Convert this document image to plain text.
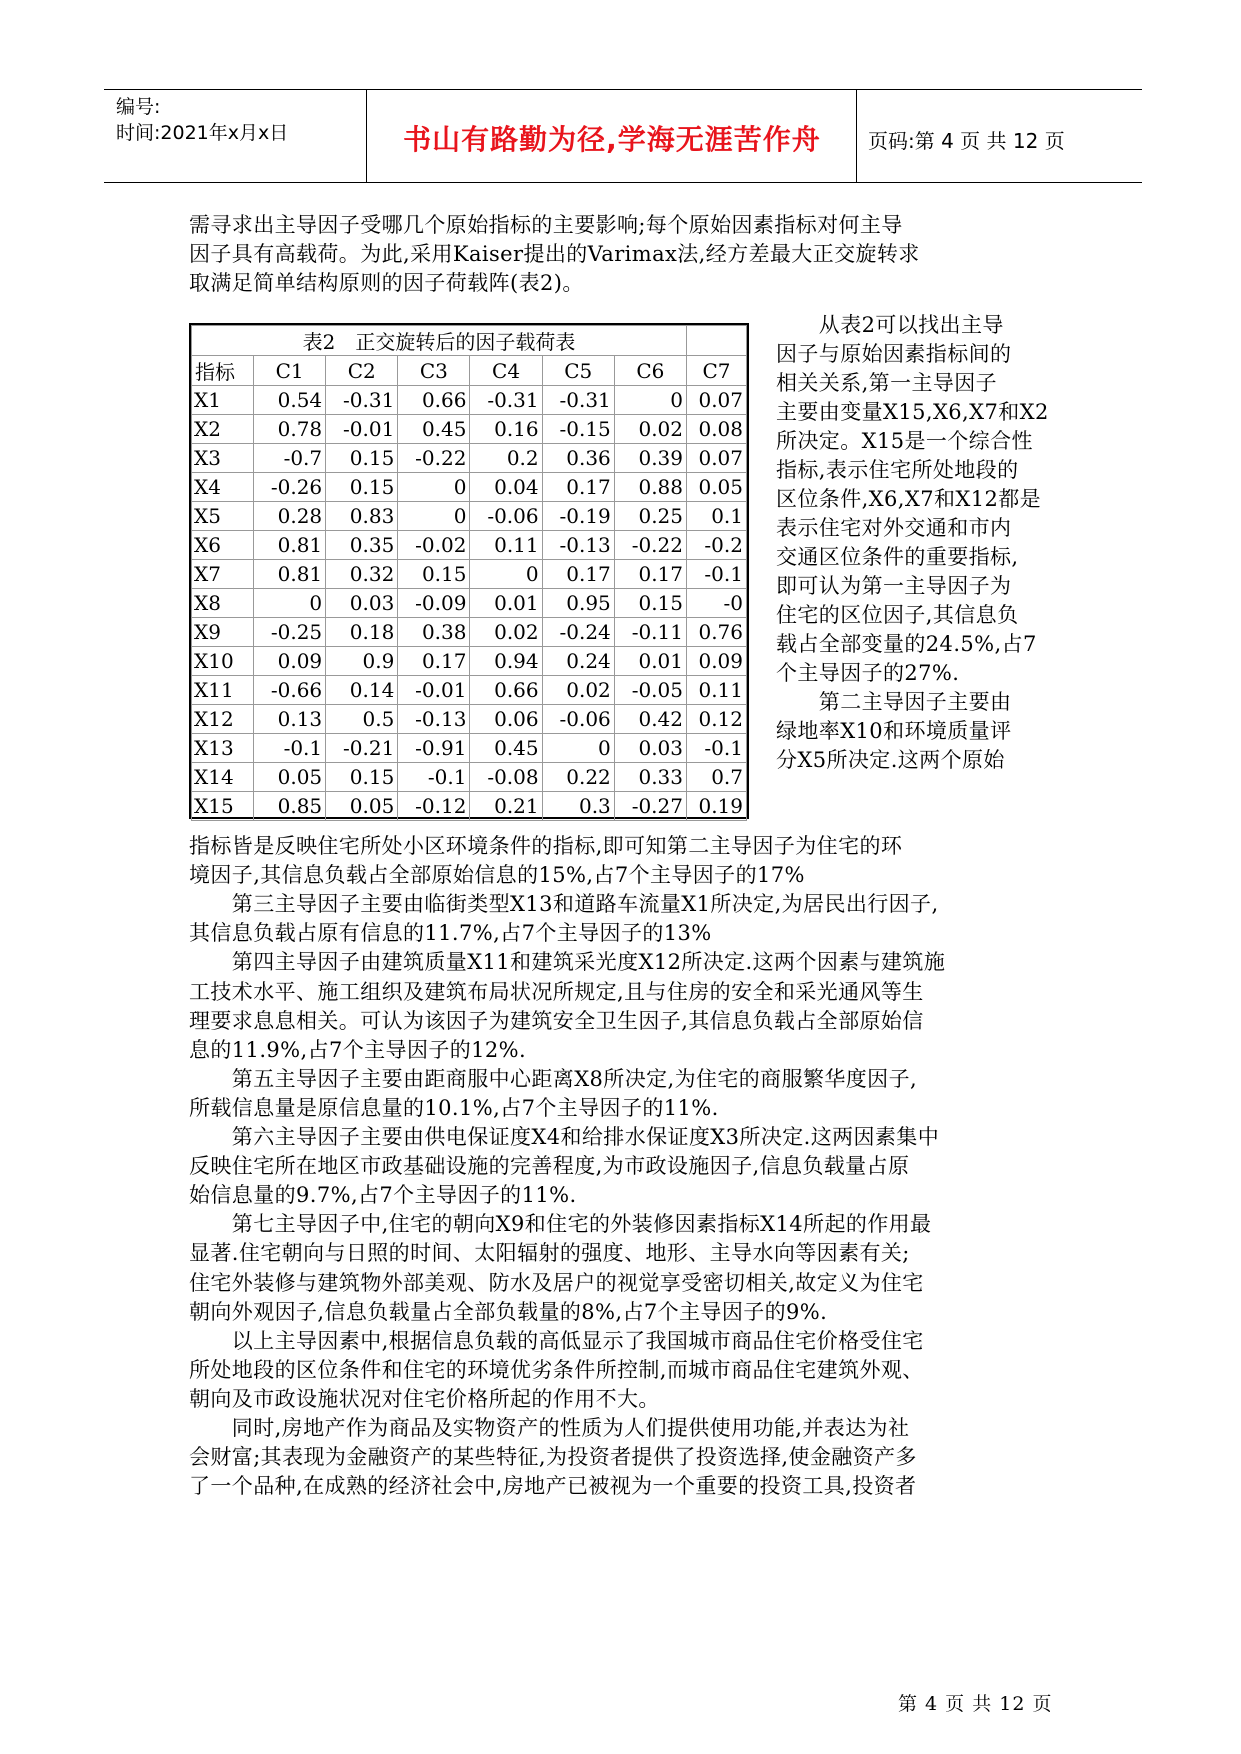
编号:
时间:2021年x月x日	书山有路勤为径,学海无涯苦作舟	页码:第 4 页 共 12 页
需寻求出主导因子受哪几个原始指标的主要影响;每个原始因素指标对何主导
因子具有高载荷。为此,采用Kaiser提出的Varimax法,经方差最大正交旋转求
取满足简单结构原则的因子荷载阵(表2)。
表2　正交旋转后的因子载荷表							
指标	C1	C2	C3	C4	C5	C6	C7
X1	0.54	-0.31	0.66	-0.31	-0.31	0	0.07
X2	0.78	-0.01	0.45	0.16	-0.15	0.02	0.08
X3	-0.7	0.15	-0.22	0.2	0.36	0.39	0.07
X4	-0.26	0.15	0	0.04	0.17	0.88	0.05
X5	0.28	0.83	0	-0.06	-0.19	0.25	0.1
X6	0.81	0.35	-0.02	0.11	-0.13	-0.22	-0.2
X7	0.81	0.32	0.15	0	0.17	0.17	-0.1
X8	0	0.03	-0.09	0.01	0.95	0.15	-0
X9	-0.25	0.18	0.38	0.02	-0.24	-0.11	0.76
X10	0.09	0.9	0.17	0.94	0.24	0.01	0.09
X11	-0.66	0.14	-0.01	0.66	0.02	-0.05	0.11
X12	0.13	0.5	-0.13	0.06	-0.06	0.42	0.12
X13	-0.1	-0.21	-0.91	0.45	0	0.03	-0.1
X14	0.05	0.15	-0.1	-0.08	0.22	0.33	0.7
X15	0.85	0.05	-0.12	0.21	0.3	-0.27	0.19
　　从表2可以找出主导
因子与原始因素指标间的
相关关系,第一主导因子
主要由变量X15,X6,X7和X2
所决定。X15是一个综合性
指标,表示住宅所处地段的
区位条件,X6,X7和X12都是
表示住宅对外交通和市内
交通区位条件的重要指标,
即可认为第一主导因子为
住宅的区位因子,其信息负
载占全部变量的24.5%,占7
个主导因子的27%.
　　第二主导因子主要由
绿地率X10和环境质量评
分X5所决定.这两个原始
指标皆是反映住宅所处小区环境条件的指标,即可知第二主导因子为住宅的环
境因子,其信息负载占全部原始信息的15%,占7个主导因子的17%
　　第三主导因子主要由临街类型X13和道路车流量X1所决定,为居民出行因子,
其信息负载占原有信息的11.7%,占7个主导因子的13%
　　第四主导因子由建筑质量X11和建筑采光度X12所决定.这两个因素与建筑施
工技术水平、施工组织及建筑布局状况所规定,且与住房的安全和采光通风等生
理要求息息相关。可认为该因子为建筑安全卫生因子,其信息负载占全部原始信
息的11.9%,占7个主导因子的12%.
　　第五主导因子主要由距商服中心距离X8所决定,为住宅的商服繁华度因子,
所载信息量是原信息量的10.1%,占7个主导因子的11%.
　　第六主导因子主要由供电保证度X4和给排水保证度X3所决定.这两因素集中
反映住宅所在地区市政基础设施的完善程度,为市政设施因子,信息负载量占原
始信息量的9.7%,占7个主导因子的11%.
　　第七主导因子中,住宅的朝向X9和住宅的外装修因素指标X14所起的作用最
显著.住宅朝向与日照的时间、太阳辐射的强度、地形、主导水向等因素有关;
住宅外装修与建筑物外部美观、防水及居户的视觉享受密切相关,故定义为住宅
朝向外观因子,信息负载量占全部负载量的8%,占7个主导因子的9%.
　　以上主导因素中,根据信息负载的高低显示了我国城市商品住宅价格受住宅
所处地段的区位条件和住宅的环境优劣条件所控制,而城市商品住宅建筑外观、
朝向及市政设施状况对住宅价格所起的作用不大。
　　同时,房地产作为商品及实物资产的性质为人们提供使用功能,并表达为社
会财富;其表现为金融资产的某些特征,为投资者提供了投资选择,使金融资产多
了一个品种,在成熟的经济社会中,房地产已被视为一个重要的投资工具,投资者
第 4 页 共 12 页
